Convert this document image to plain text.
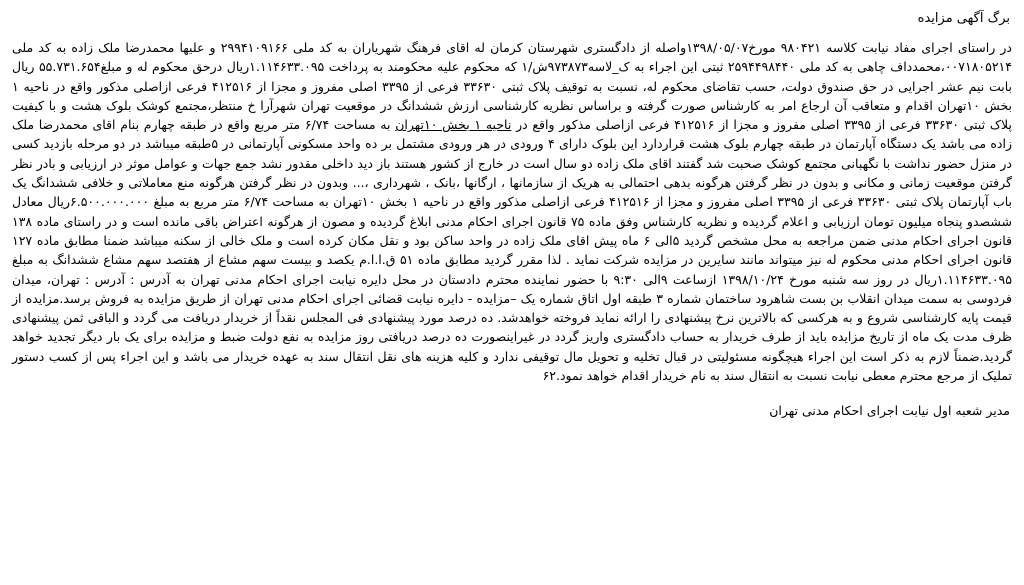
برگ آگهی مزایده

در راستای اجرای مفاد نیابت کلاسه ۹۸۰۴۲۱ مورخ۱۳۹۸/۰۵/۰۷واصله از دادگستری شهرستان کرمان له اقای فرهنگ شهریاران به کد ملی ۲۹۹۴۱۰۹۱۶۶ و علیها محمدرضا ملک زاده به کد ملی ۰۰۷۱۸۰۵۲۱۴،محمدداف چاهی به کد ملی ۲۵۹۴۴۹۸۴۴۰ ثبتی این اجراء به ک_لاسه۹۷۳۸۷۳ش/۱ که محکوم علیه محکومند به پرداخت ۱.۱۱۴۶۳۳.۰۹۵ریال درحق محکوم له و مبلغ۵۵.۷۳۱.۶۵۴ ریال بابت نیم عشر اجرایی در حق صندوق دولت، حسب تقاضای محکوم له، نسبت به توقیف پلاک ثبتی ۳۳۶۳۰ فرعی از ۳۳۹۵ اصلی مفروز و مجزا از ۴۱۲۵۱۶ فرعی ازاصلی مذکور واقع در ناحیه ۱ بخش ۱۰تهران اقدام و متعاقب آن ارجاع امر به کارشناس صورت گرفته و براساس نظریه کارشناسی ارزش ششدانگ در موقعیت تهران شهرآرا خ منتظر،مجتمع کوشک بلوک هشت و با کیفیت پلاک ثبتی ۳۳۶۳۰ فرعی از ۳۳۹۵ اصلی مفروز و مجزا از ۴۱۲۵۱۶ فرعی ازاصلی مذکور واقع در ناحیه ۱ بخش ۱۰تهران به مساحت ۶/۷۴ متر مربع واقع در طبقه چهارم بنام اقای محمدرضا ملک زاده می باشد یک دستگاه آپارتمان در طبقه چهارم بلوک هشت قراردارد این بلوک دارای ۴ ورودی در هر ورودی مشتمل بر ده واحد مسکونی آپارتمانی در ۵طبقه میباشد در دو مرحله بازدید کسی در منزل حضور نداشت با نگهبانی مجتمع کوشک صحبت شد گفتند اقای ملک زاده دو سال است در خارج از کشور هستند باز دید داخلی مقدور نشد جمع جهات و عوامل موثر در ارزیابی و بادر نظر گرفتن موقعیت زمانی و مکانی و بدون در نظر گرفتن هرگونه بدهی احتمالی به هریک از سازمانها ، ارگانها ،بانک ، شهرداری ،... وبدون در نظر گرفتن هرگونه منع معاملاتی و خلافی ششدانگ یک باب آپارتمان پلاک ثبتی ۳۳۶۳۰ فرعی از ۳۳۹۵ اصلی مفروز و مجزا از ۴۱۲۵۱۶ فرعی ازاصلی مذکور واقع در ناحیه ۱ بخش ۱۰تهران به مساحت ۶/۷۴ متر مربع به مبلغ ۶.۵۰۰.۰۰۰.۰۰۰ریال معادل ششصدو پنجاه میلیون تومان ارزیابی و اعلام گردیده و نظریه کارشناس وفق ماده ۷۵ قانون اجرای احکام مدنی ابلاغ گردیده و مصون از هرگونه اعتراض باقی مانده است و در راستای ماده ۱۳۸ قانون اجرای احکام مدنی ضمن مراجعه به محل مشخص گردید ۵الی ۶ ماه پیش اقای ملک زاده در واحد ساکن بود و نقل مکان کرده است و ملک خالی از سکنه میباشد ضمنا مطابق ماده ۱۲۷ قانون اجرای احکام مدنی محکوم له نیز میتواند مانند سایرین در مزایده شرکت نماید . لذا مقرر گردید مطابق ماده ۵۱ ق.ا.ا.م یکصد و بیست سهم مشاع از هفتصد سهم مشاع ششدانگ به مبلغ ۱.۱۱۴۶۳۳.۰۹۵ریال در روز سه شنبه مورخ ۱۳۹۸/۱۰/۲۴ ازساعت ۹الی ۹:۳۰ با حضور نماینده محترم دادستان در محل دایره نیابت اجرای احکام مدنی تهران به آدرس : آدرس : تهران، میدان فردوسی به سمت میدان انقلاب بن بست شاهرود ساختمان شماره ۳ طبقه اول اتاق شماره یک –مزایده - دایره نیابت قضائی اجرای احکام مدنی تهران از طریق مزایده به فروش برسد.مزایده از قیمت پایه کارشناسی شروع و به هرکسی که بالاترین نرخ پیشنهادی را ارائه نماید فروخته خواهدشد. ده درصد مورد پیشنهادی فی المجلس نقداً از خریدار دریافت می گردد و الباقی ثمن پیشنهادی ظرف مدت یک ماه از تاریخ مزایده باید از طرف خریدار به حساب دادگستری واریز گردد در غیراینصورت ده درصد دریافتی روز مزایده به نفع دولت ضبط و مزایده برای یک بار دیگر تجدید خواهد گردید.ضمناً لازم به ذکر است این اجراء هیچگونه مسئولیتی در قبال تخلیه و تحویل مال توقیفی ندارد و کلیه هزینه های نقل انتقال سند به عهده خریدار می باشد و این اجراء پس از کسب دستور تملیک از مرجع محترم معطی نیابت نسبت به انتقال سند به نام خریدار اقدام خواهد نمود.۶۲

مدیر شعبه اول نیابت اجرای احکام مدنی تهران
